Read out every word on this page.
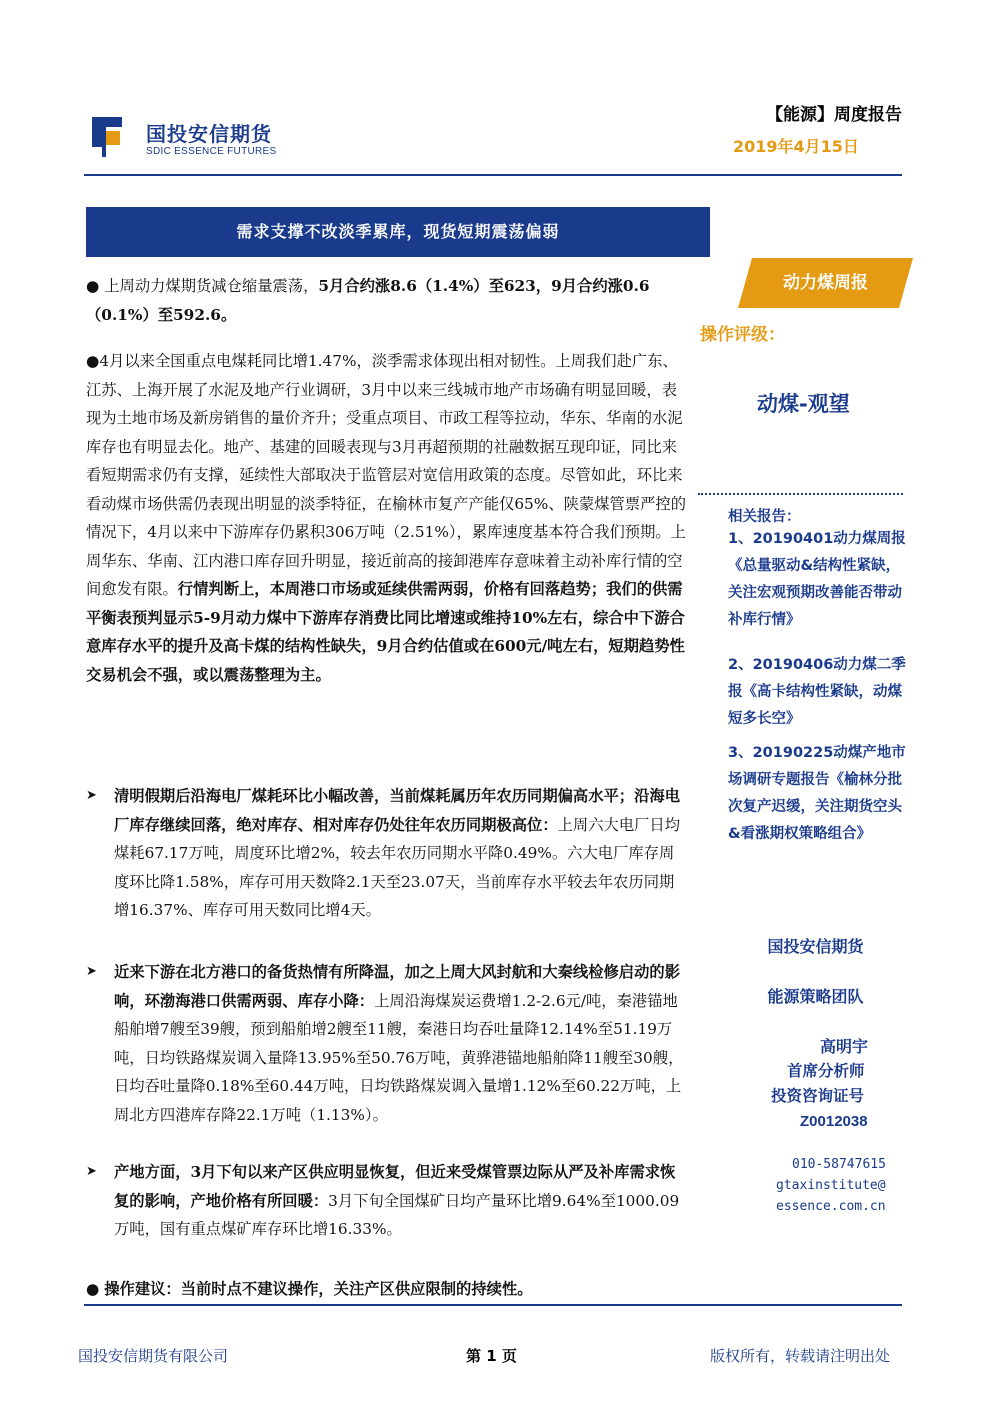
国投安信期货
SDIC ESSENCE FUTURES
【能源】周度报告
2019年4月15日
需求支撑不改淡季累库，现货短期震荡偏弱
动力煤周报
操作评级：
动煤-观望
相关报告：
1、20190401动力煤周报《总量驱动&结构性紧缺，关注宏观预期改善能否带动补库行情》
2、20190406动力煤二季报《高卡结构性紧缺，动煤短多长空》
3、20190225动煤产地市场调研专题报告《榆林分批次复产迟缓，关注期货空头&看涨期权策略组合》
国投安信期货
能源策略团队
高明宇
首席分析师
投资咨询证号
Z0012038
010-58747615
gtaxinstitute@
essence.com.cn
● 上周动力煤期货减仓缩量震荡，5月合约涨8.6（1.4%）至623，9月合约涨0.6（0.1%）至592.6。
●4月以来全国重点电煤耗同比增1.47%，淡季需求体现出相对韧性。上周我们赴广东、江苏、上海开展了水泥及地产行业调研，3月中以来三线城市地产市场确有明显回暖，表现为土地市场及新房销售的量价齐升；受重点项目、市政工程等拉动，华东、华南的水泥库存也有明显去化。地产、基建的回暖表现与3月再超预期的社融数据互现印证，同比来看短期需求仍有支撑，延续性大部取决于监管层对宽信用政策的态度。尽管如此，环比来看动煤市场供需仍表现出明显的淡季特征，在榆林市复产产能仅65%、陕蒙煤管票严控的情况下，4月以来中下游库存仍累积306万吨（2.51%），累库速度基本符合我们预期。上周华东、华南、江内港口库存回升明显，接近前高的接卸港库存意味着主动补库行情的空间愈发有限。行情判断上，本周港口市场或延续供需两弱，价格有回落趋势；我们的供需平衡表预判显示5-9月动力煤中下游库存消费比同比增速或维持10%左右，综合中下游合意库存水平的提升及高卡煤的结构性缺失，9月合约估值或在600元/吨左右，短期趋势性交易机会不强，或以震荡整理为主。
➤	清明假期后沿海电厂煤耗环比小幅改善，当前煤耗属历年农历同期偏高水平；沿海电厂库存继续回落，绝对库存、相对库存仍处往年农历同期极高位：上周六大电厂日均煤耗67.17万吨，周度环比增2%，较去年农历同期水平降0.49%。六大电厂库存周度环比降1.58%，库存可用天数降2.1天至23.07天，当前库存水平较去年农历同期增16.37%、库存可用天数同比增4天。
➤	近来下游在北方港口的备货热情有所降温，加之上周大风封航和大秦线检修启动的影响，环渤海港口供需两弱、库存小降：上周沿海煤炭运费增1.2-2.6元/吨，秦港锚地船舶增7艘至39艘，预到船舶增2艘至11艘，秦港日均吞吐量降12.14%至51.19万吨，日均铁路煤炭调入量降13.95%至50.76万吨，黄骅港锚地船舶降11艘至30艘，日均吞吐量降0.18%至60.44万吨，日均铁路煤炭调入量增1.12%至60.22万吨，上周北方四港库存降22.1万吨（1.13%）。
➤	产地方面，3月下旬以来产区供应明显恢复，但近来受煤管票边际从严及补库需求恢复的影响，产地价格有所回暖：3月下旬全国煤矿日均产量环比增9.64%至1000.09万吨，国有重点煤矿库存环比增16.33%。
● 操作建议：当前时点不建议操作，关注产区供应限制的持续性。
国投安信期货有限公司	第 1 页	版权所有，转载请注明出处
